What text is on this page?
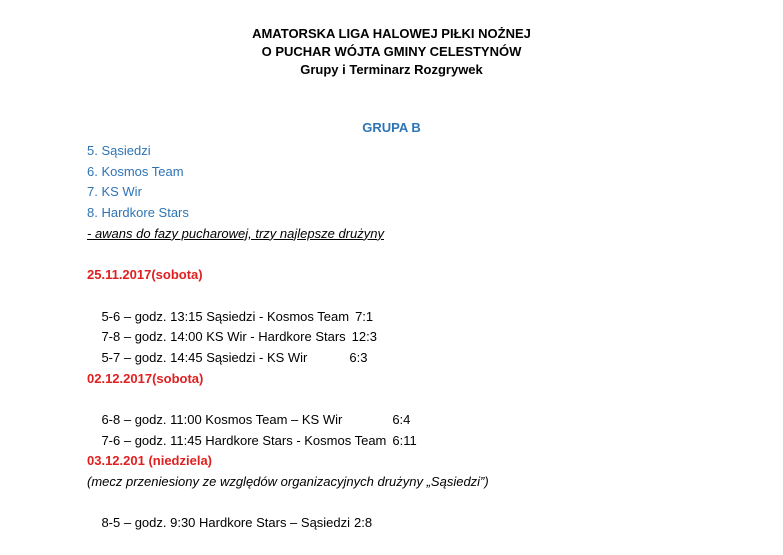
AMATORSKA LIGA HALOWEJ PIŁKI NOŻNEJ
O PUCHAR WÓJTA GMINY CELESTYNÓW
Grupy i Terminarz Rozgrywek
GRUPA B
5. Sąsiedzi
6. Kosmos Team
7. KS Wir
8. Hardkore Stars
- awans do fazy pucharowej, trzy najlepsze drużyny
25.11.2017(sobota)

5-6 – godz. 13:15 Sąsiedzi - Kosmos Team 7:1

7-8 – godz. 14:00 KS Wir - Hardkore Stars 12:3

5-7 – godz. 14:45 Sąsiedzi - KS Wir	6:3

02.12.2017(sobota)

6-8 – godz. 11:00 Kosmos Team – KS Wir	6:4

7-6 – godz. 11:45 Hardkore Stars - Kosmos Team 6:11

03.12.201 (niedziela)
(mecz przeniesiony ze względów organizacyjnych drużyny „Sąsiedzi”)

8-5 – godz. 9:30 Hardkore Stars – Sąsiedzi 2:8
